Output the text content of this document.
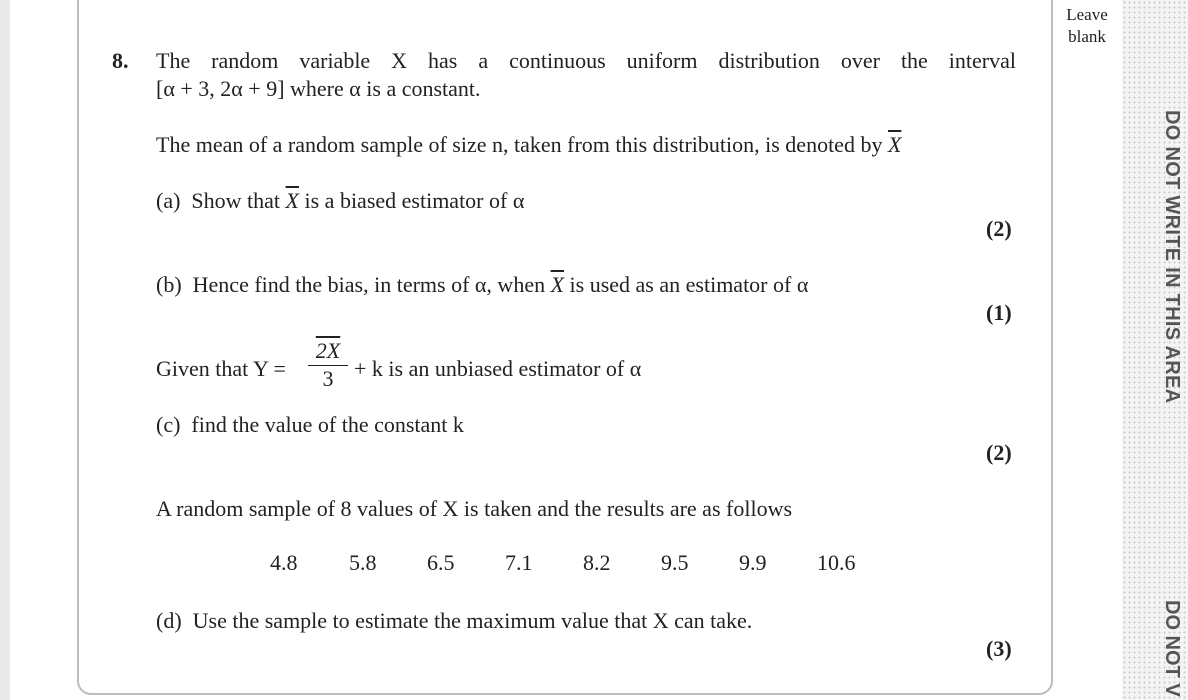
Leave
blank
DO NOT WRITE IN THIS AREA
DO NOT V
8. The random variable X has a continuous uniform distribution over the interval
[α + 3, 2α + 9] where α is a constant.
The mean of a random sample of size n, taken from this distribution, is denoted by $\overline{X}$
(a) Show that $\overline{X}$ is a biased estimator of α
(2)
(b) Hence find the bias, in terms of α, when $\overline{X}$ is used as an estimator of α
(1)
Given that Y =
2X
3 + k is an unbiased estimator of α
(c) find the value of the constant k
(2)
A random sample of 8 values of X is taken and the results are as follows
4.8 5.8 6.5 7.1 8.2 9.5 9.9 10.6
(d) Use the sample to estimate the maximum value that X can take.
(3)
